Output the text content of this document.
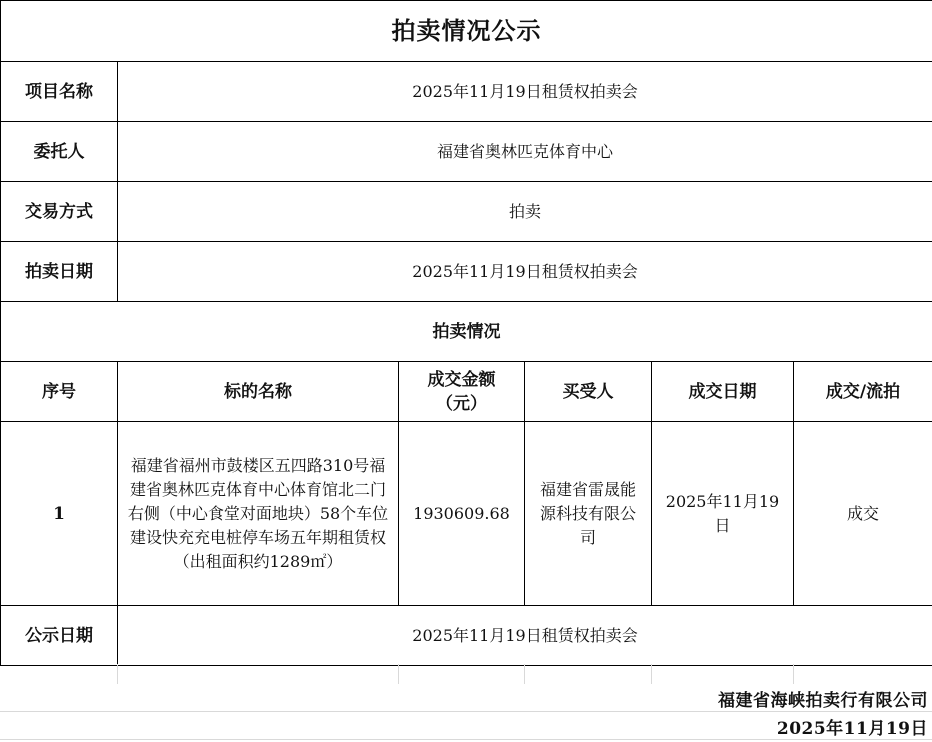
拍卖情况公示					
项目名称	2025年11月19日租赁权拍卖会				
委托人	福建省奥林匹克体育中心				
交易方式	拍卖				
拍卖日期	2025年11月19日租赁权拍卖会				
拍卖情况					
序号	标的名称	成交金额（元）	买受人	成交日期	成交/流拍
1	福建省福州市鼓楼区五四路310号福建省奥林匹克体育中心体育馆北二门右侧（中心食堂对面地块）58个车位建设快充充电桩停车场五年期租赁权（出租面积约1289㎡）	1930609.68	福建省雷晟能源科技有限公司	2025年11月19日	成交
公示日期	2025年11月19日租赁权拍卖会				
福建省海峡拍卖行有限公司
2025年11月19日
